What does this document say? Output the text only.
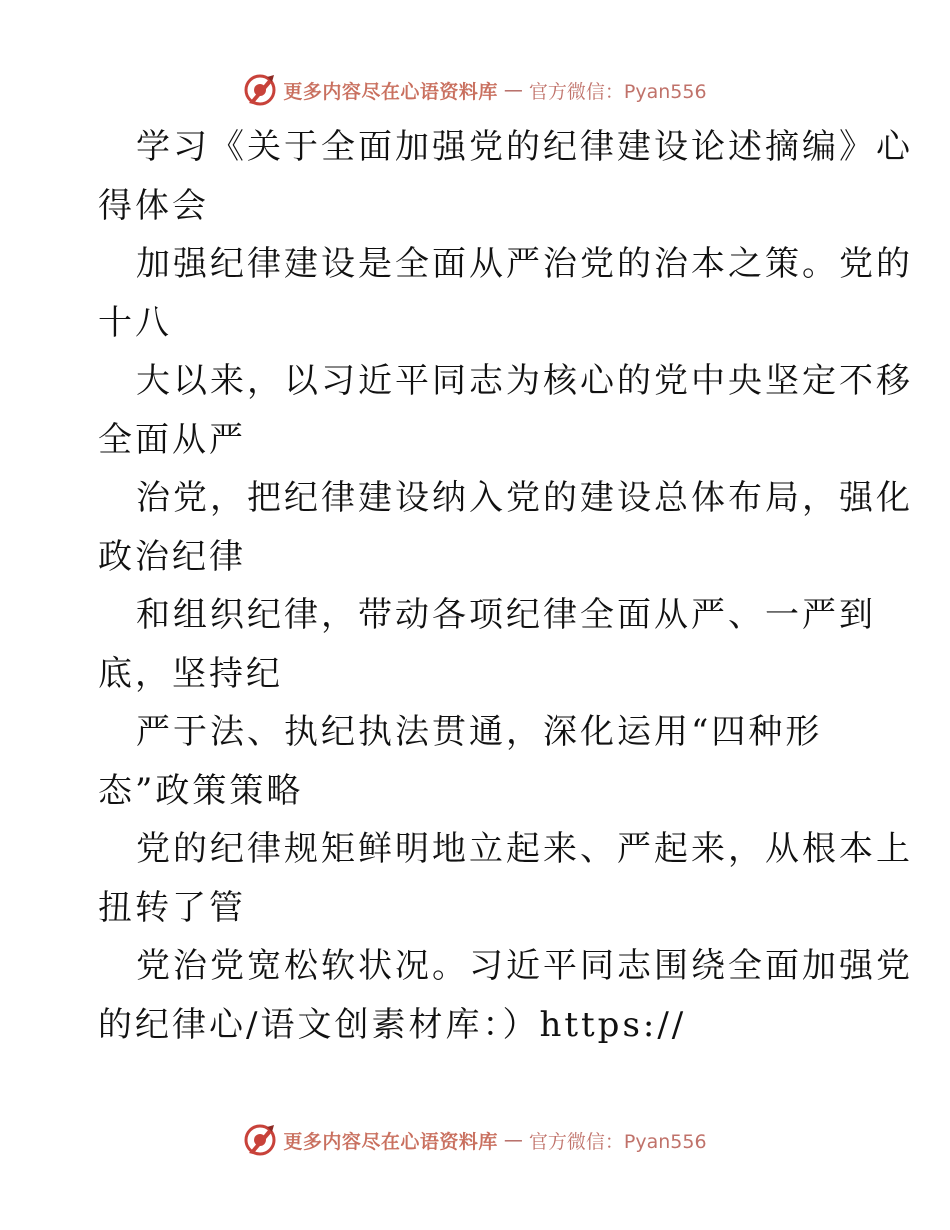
更多内容尽在心语资料库 — 官方微信：Pyan556
学习《关于全面加强党的纪律建设论述摘编》心
得体会
加强纪律建设是全面从严治党的治本之策。党的
十八
大以来，以习近平同志为核心的党中央坚定不移
全面从严
治党，把纪律建设纳入党的建设总体布局，强化
政治纪律
和组织纪律，带动各项纪律全面从严、一严到
底，坚持纪
严于法、执纪执法贯通，深化运用“四种形
态”政策策略
党的纪律规矩鲜明地立起来、严起来，从根本上
扭转了管
党治党宽松软状况。习近平同志围绕全面加强党
的纪律心/语文创素材库：）https://
更多内容尽在心语资料库 — 官方微信：Pyan556
